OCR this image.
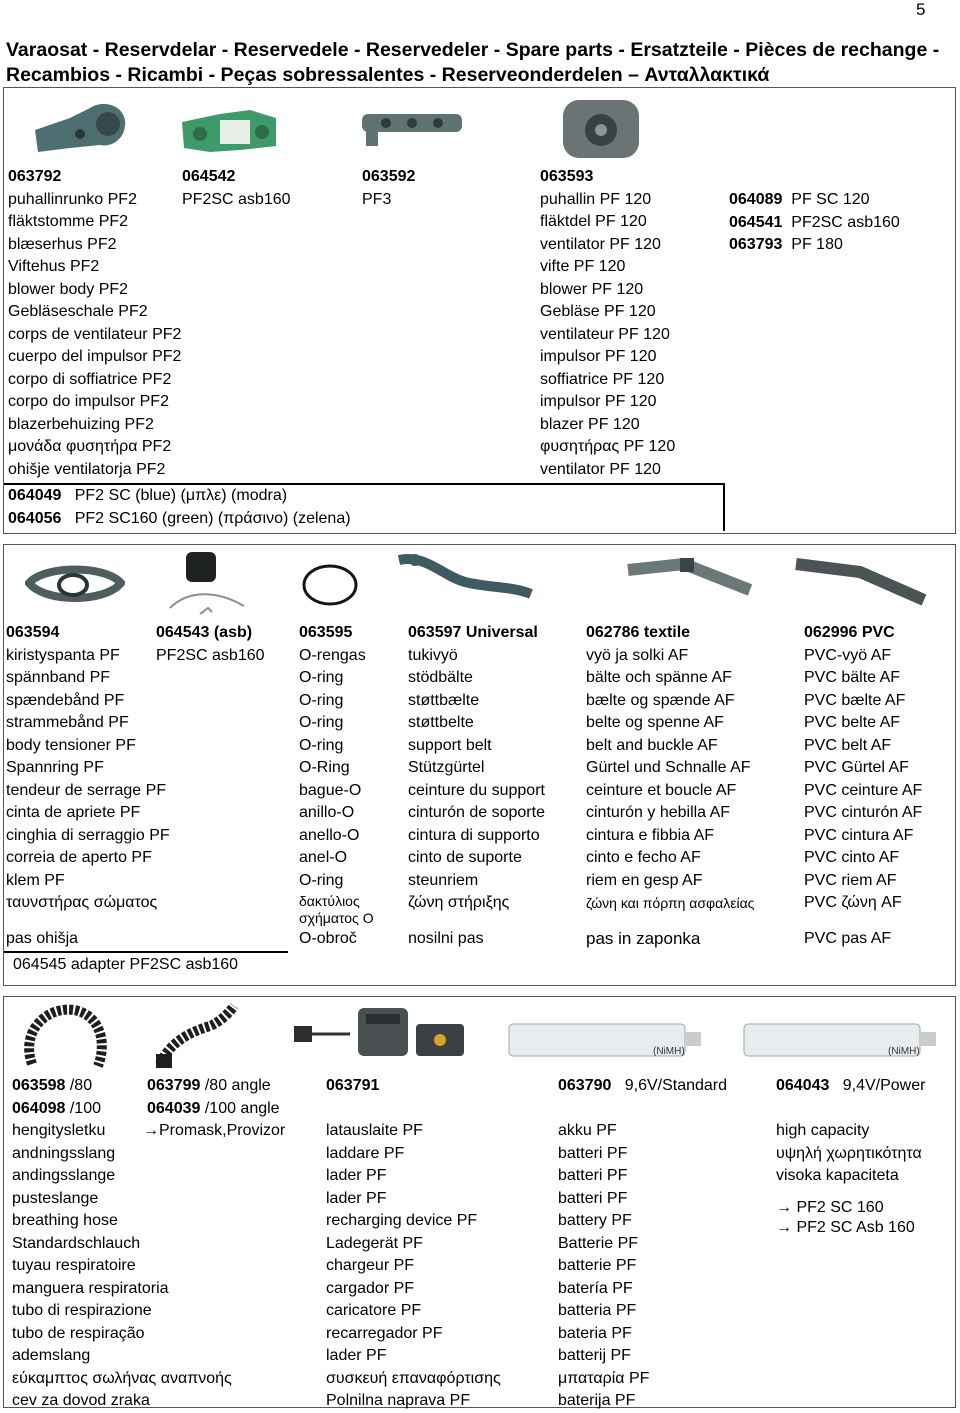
5
Varaosat - Reservdelar - Reservedele - Reservedeler - Spare parts - Ersatzteile - Pièces de rechange - Recambios - Ricambi - Peças sobressalentes - Reserveonderdelen – Ανταλλακτικά
063792
puhallinrunko PF2
fläktstomme PF2
blæserhus PF2
Viftehus PF2
blower body PF2
Gebläseschale PF2
corps de ventilateur PF2
cuerpo del impulsor PF2
corpo di soffiatrice PF2
corpo do impulsor PF2
blazerbehuizing PF2
μονάδα φυσητήρα PF2
ohišje ventilatorja PF2
064542
PF2SC asb160
063592
PF3
063593
puhallin PF 120
fläktdel PF 120
ventilator PF 120
vifte PF 120
blower PF 120
Gebläse PF 120
ventilateur PF 120
impulsor PF 120
soffiatrice PF 120
impulsor PF 120
blazer PF 120
φυσητήρας PF 120
ventilator PF 120
064089 PF SC 120
064541 PF2SC asb160
063793 PF 180
064049 PF2 SC (blue) (μπλε) (modra)
064056 PF2 SC160 (green) (πράσινο) (zelena)
063594
kiristyspanta PF
spännband PF
spændebånd PF
strammebånd PF
body tensioner PF
Spannring PF
tendeur de serrage PF
cinta de apriete PF
cinghia di serraggio PF
correia de aperto PF
klem PF
ταυνστήρας σώματος
pas ohišja
064545 adapter PF2SC asb160
064543 (asb)
PF2SC asb160
063595
O-rengas
O-ring
O-ring
O-ring
O-ring
O-Ring
bague-O
anillo-O
anello-O
anel-O
O-ring
δακτύλιος σχήματος O
O-obroč
063597 Universal
tukivyö
stödbälte
støttbælte
støttbelte
support belt
Stützgürtel
ceinture du support
cinturón de soporte
cintura di supporto
cinto de suporte
steunriem
ζώνη στήριξης
nosilni pas
062786 textile
vyö ja solki AF
bälte och spänne AF
bælte og spænde AF
belte og spenne AF
belt and buckle AF
Gürtel und Schnalle AF
ceinture et boucle AF
cinturón y hebilla AF
cintura e fibbia AF
cinto e fecho AF
riem en gesp AF
ζώνη και πόρπη ασφαλείας
pas in zaponka
062996 PVC
PVC-vyö AF
PVC bälte AF
PVC bælte AF
PVC belte AF
PVC belt AF
PVC Gürtel AF
PVC ceinture AF
PVC cinturón AF
PVC cintura AF
PVC cinto AF
PVC riem AF
PVC ζώνη AF
PVC pas AF
(NiMH)	(NiMH)
063598 /80
064098 /100
hengitysletku
andningsslang
andingsslange
pusteslange
breathing hose
Standardschlauch
tuyau respiratoire
manguera respiratoria
tubo di respirazione
tubo de respiração
ademslang
εύκαμπτος σωλήνας αναπνοής
cev za dovod zraka
063799 /80 angle
064039 /100 angle
→Promask,Provizor
063791
latauslaite PF
laddare PF
lader PF
lader PF
recharging device PF
Ladegerät PF
chargeur PF
cargador PF
caricatore PF
recarregador PF
lader PF
συσκευή επαναφόρτισης
Polnilna naprava PF
063790 9,6V/Standard
akku PF
batteri PF
batteri PF
batteri PF
battery PF
Batterie PF
batterie PF
batería PF
batteria PF
bateria PF
batterij PF
μπαταρία PF
baterija PF
064043 9,4V/Power
high capacity
υψηλή χωρητικότητα
visoka kapaciteta
→ PF2 SC 160
→ PF2 SC Asb 160
